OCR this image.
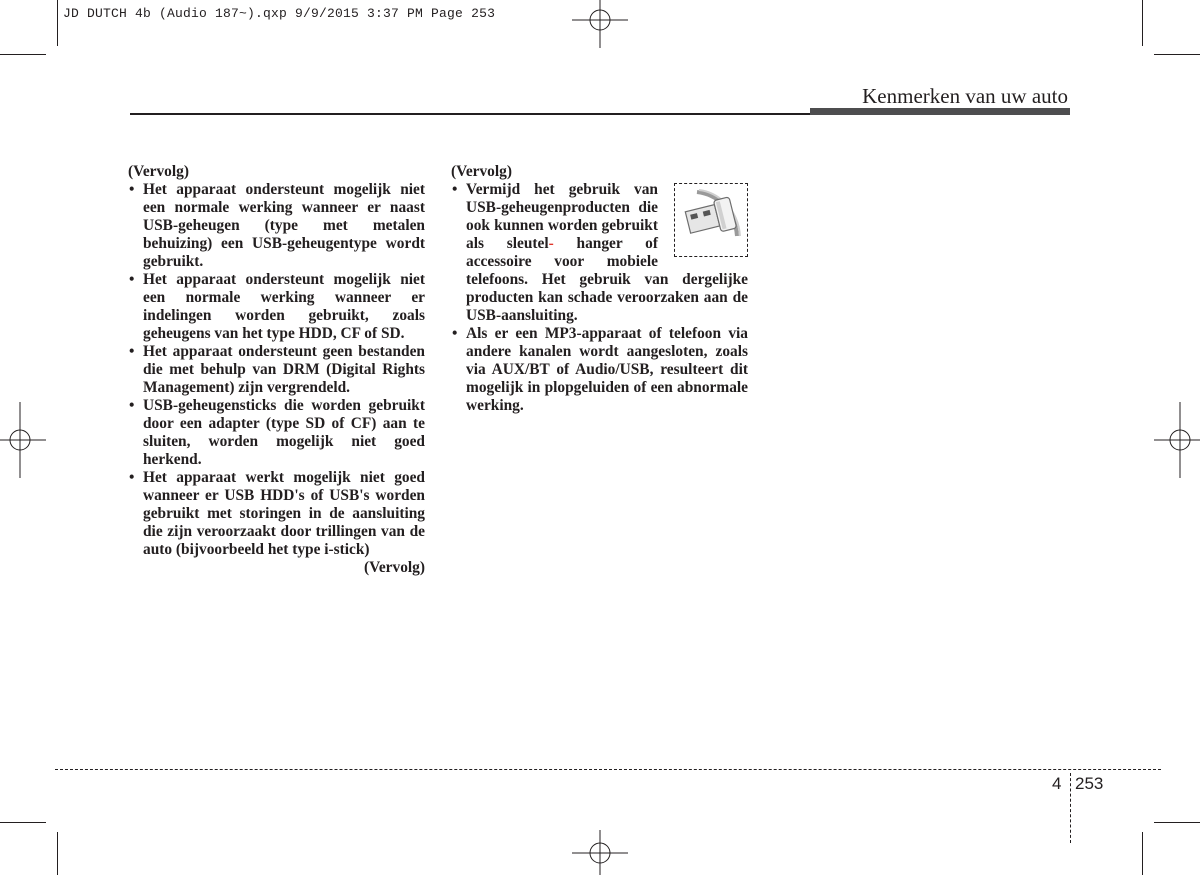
JD DUTCH 4b (Audio 187~).qxp 9/9/2015 3:37 PM Page 253
Kenmerken van uw auto

(Vervolg)

• Het apparaat ondersteunt mogelijk niet een normale werking wanneer er naast USB-geheugen (type met metalen behuizing) een USB-geheugentype wordt gebruikt.
• Het apparaat ondersteunt mogelijk niet een normale werking wanneer er indelingen worden gebruikt, zoals geheugens van het type HDD, CF of SD.
• Het apparaat ondersteunt geen bestanden die met behulp van DRM (Digital Rights Management) zijn vergrendeld.
• USB-geheugensticks die worden gebruikt door een adapter (type SD of CF) aan te sluiten, worden mogelijk niet goed herkend.
• Het apparaat werkt mogelijk niet goed wanneer er USB HDD's of USB's worden gebruikt met storingen in de aansluiting die zijn veroorzaakt door trillingen van de auto (bijvoorbeeld het type i-stick)

(Vervolg)

(Vervolg)

• Vermijd het gebruik van USB-geheugenproducten die ook kunnen worden gebruikt als sleutel- hanger of accessoire voor mobiele telefoons. Het gebruik van dergelijke producten kan schade veroorzaken aan de USB-aansluiting.
• Als er een MP3-apparaat of telefoon via andere kanalen wordt aangesloten, zoals via AUX/BT of Audio/USB, resulteert dit mogelijk in plopgeluiden of een abnormale werking.
4 253
